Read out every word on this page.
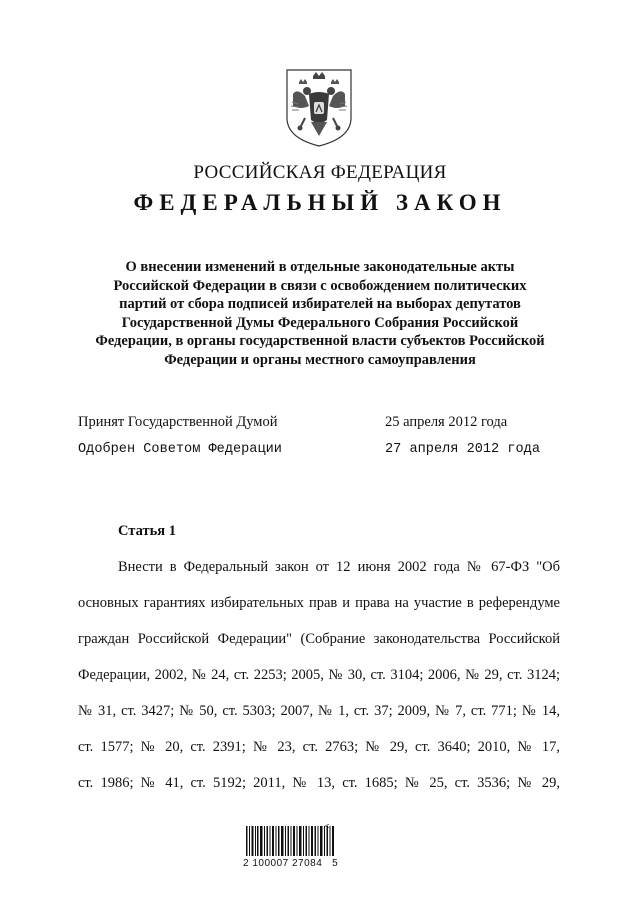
РОССИЙСКАЯ ФЕДЕРАЦИЯ
ФЕДЕРАЛЬНЫЙ ЗАКОН
О внесении изменений в отдельные законодательные акты
Российской Федерации в связи с освобождением политических
партий от сбора подписей избирателей на выборах депутатов
Государственной Думы Федерального Собрания Российской
Федерации, в органы государственной власти субъектов Российской
Федерации и органы местного самоуправления
Принят Государственной Думой	25 апреля 2012 года
Одобрен Советом Федерации	27 апреля 2012 года
Статья 1
Внести в Федеральный закон от 12 июня 2002 года № 67-ФЗ "Об
основных гарантиях избирательных прав и права на участие в референдуме
граждан Российской Федерации" (Собрание законодательства Российской
Федерации, 2002, № 24, ст. 2253; 2005, № 30, ст. 3104; 2006, № 29, ст. 3124;
№ 31, ст. 3427; № 50, ст. 5303; 2007, № 1, ст. 37; 2009, № 7, ст. 771; № 14,
ст. 1577; № 20, ст. 2391; № 23, ст. 2763; № 29, ст. 3640; 2010, № 17,
ст. 1986; № 41, ст. 5192; 2011, № 13, ст. 1685; № 25, ст. 3536; № 29,
2 100007 27084   5
A
